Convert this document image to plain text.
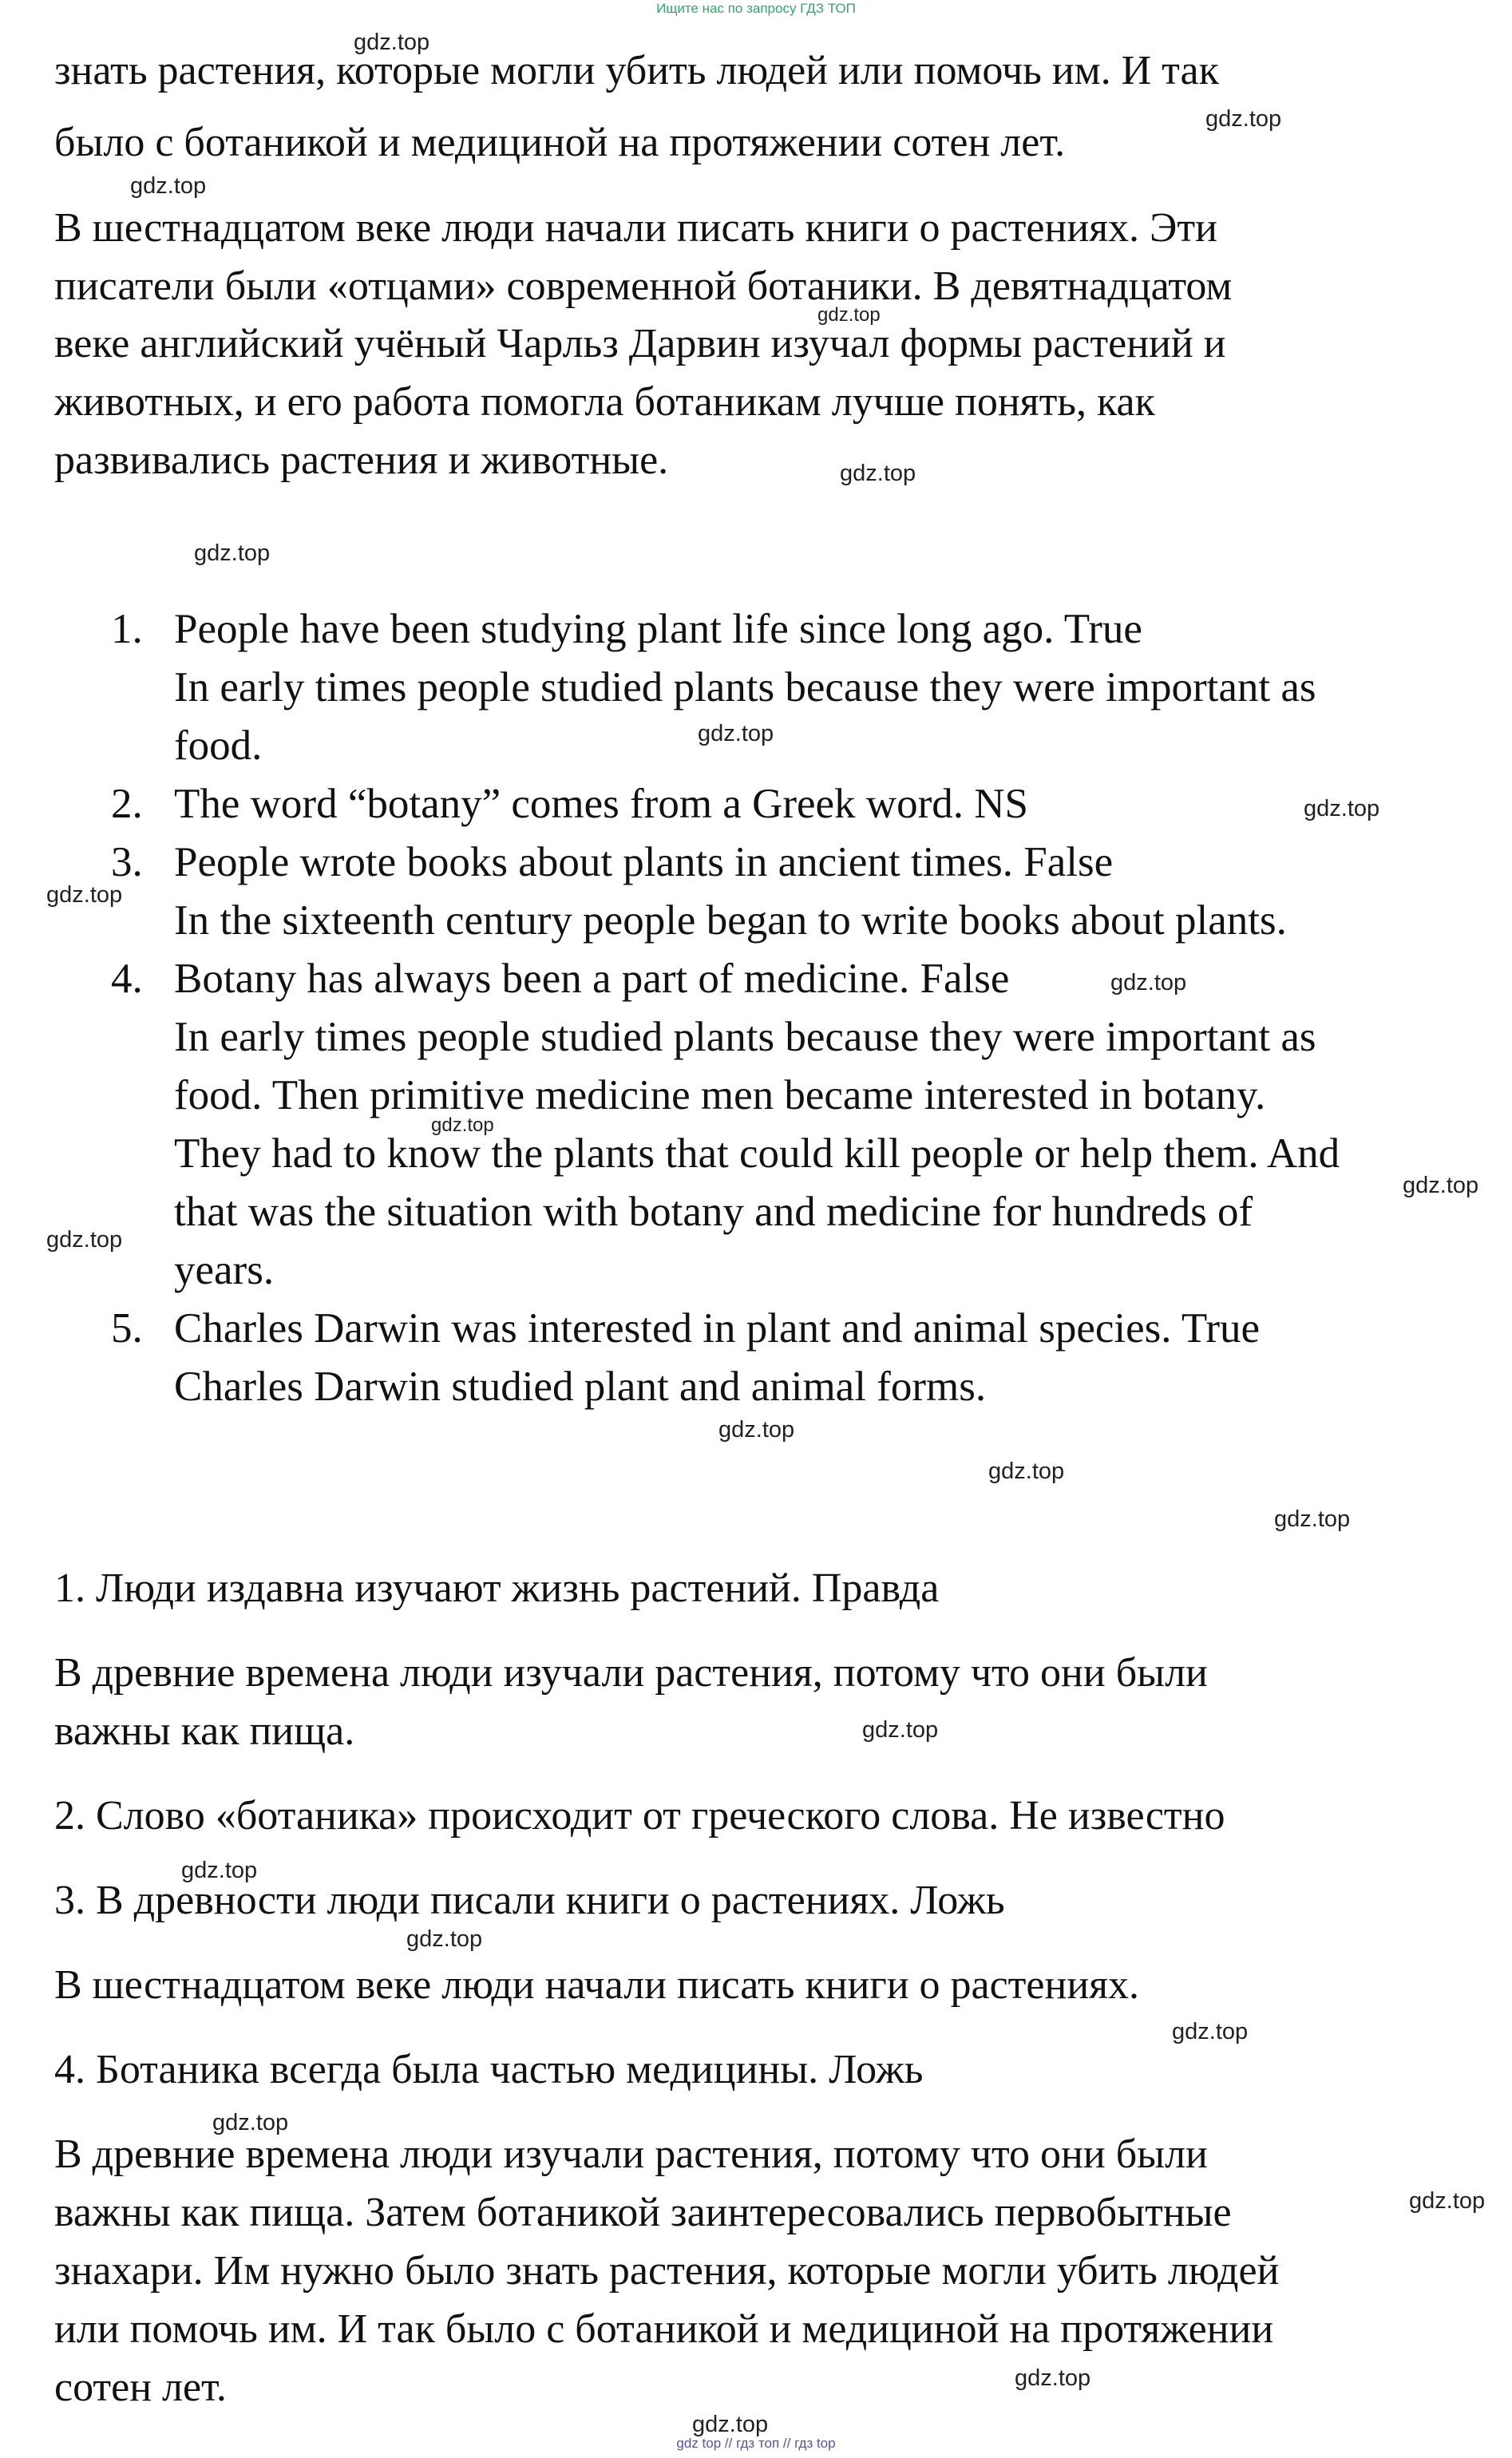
Ищите нас по запросу ГДЗ ТОП
знать растения, которые могли убить людей или помочь им. И так
было с ботаникой и медициной на протяжении сотен лет.
В шестнадцатом веке люди начали писать книги о растениях. Эти
писатели были «отцами» современной ботаники. В девятнадцатом
веке английский учёный Чарльз Дарвин изучал формы растений и
животных, и его работа помогла ботаникам лучше понять, как
развивались растения и животные.
1. People have been studying plant life since long ago. True
In early times people studied plants because they were important as
food.
2. The word “botany” comes from a Greek word. NS
3. People wrote books about plants in ancient times. False
In the sixteenth century people began to write books about plants.
4. Botany has always been a part of medicine. False
In early times people studied plants because they were important as
food. Then primitive medicine men became interested in botany.
They had to know the plants that could kill people or help them. And
that was the situation with botany and medicine for hundreds of
years.
5. Charles Darwin was interested in plant and animal species. True
Charles Darwin studied plant and animal forms.
1. Люди издавна изучают жизнь растений. Правда
В древние времена люди изучали растения, потому что они были
важны как пища.
2. Слово «ботаника» происходит от греческого слова. Не известно
3. В древности люди писали книги о растениях. Ложь
В шестнадцатом веке люди начали писать книги о растениях.
4. Ботаника всегда была частью медицины. Ложь
В древние времена люди изучали растения, потому что они были
важны как пища. Затем ботаникой заинтересовались первобытные
знахари. Им нужно было знать растения, которые могли убить людей
или помочь им. И так было с ботаникой и медициной на протяжении
сотен лет.
gdz.top
gdz.top
gdz.top
gdz.top
gdz.top
gdz.top
gdz.top
gdz.top
gdz.top
gdz.top
gdz.top
gdz.top
gdz.top
gdz.top
gdz.top
gdz.top
gdz.top
gdz.top
gdz.top
gdz.top
gdz.top
gdz.top
gdz.top
gdz.top
gdz top // гдз топ // гдз top
